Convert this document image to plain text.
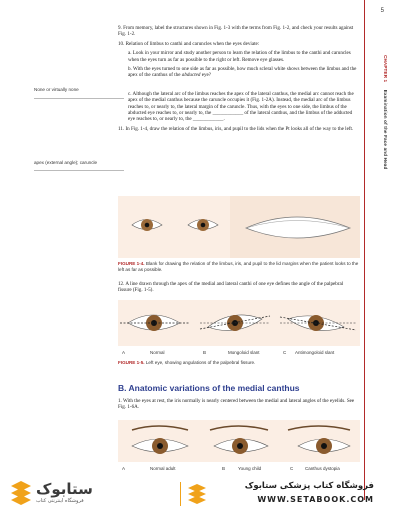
5
CHAPTER 1 Examination of the Face and Head
None or virtually none
apex (external angle); caruncle

9. From memory, label the structures shown in Fig. 1-3 with the terms from Fig. 1-2, and check your results against Fig. 1-2.

10. Relation of limbus to canthi and caruncles when the eyes deviate:

a. Look in your mirror and study another person to learn the relation of the limbus to the canthi and caruncles when the eyes turn as far as possible to the right or left. Remove eye glasses.

b. With the eyes turned to one side as far as possible, how much scleral white shows between the limbus and the apex of the canthus of the abducted eye?

c. Although the lateral arc of the limbus reaches the apex of the lateral canthus, the medial arc cannot reach the apex of the medial canthus because the caruncle occupies it (Fig. 1-2A). Instead, the medial arc of the limbus reaches to, or nearly to, the lateral margin of the caruncle. Thus, with the eyes to one side, the limbus of the abducted eye reaches to, or nearly to, the ____________ of the lateral canthus, and the limbus of the adducted eye reaches to, or nearly to, the ____________.

11. In Fig. 1-4, draw the relation of the limbus, iris, and pupil to the lids when the Pt looks all of the way to the left.

FIGURE 1-4. Blank for drawing the relation of the limbus, iris, and pupil to the lid margins when the patient looks to the left as far as possible.

12. A line drawn through the apex of the medial and lateral canthi of one eye defines the angle of the palpebral fissure (Fig. 1-5).

A	Normal	B	Mongoloid slant	C Antimongoloid slant
FIGURE 1-5. Left eye, showing angulations of the palpebral fissure.
B. Anatomic variations of the medial canthus

1. With the eyes at rest, the iris normally is nearly centered between the medial and lateral angles of the eyelids. See Fig. 1-6A.

A	Normal adult	B	Young child	C	Canthus dystopia
ستابوک
فروشگاه اینترنتی کتاب
فروشگاه کتاب پزشکی ستابوک
WWW.SETABOOK.COM
